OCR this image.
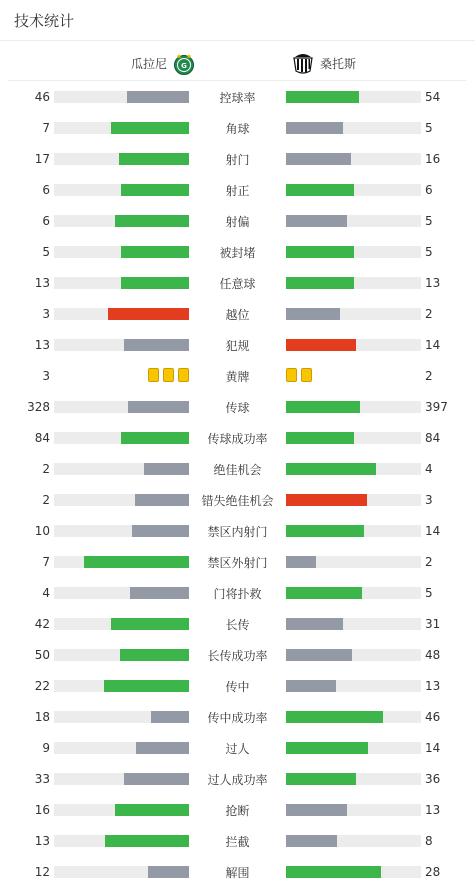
技术统计
瓜拉尼 G	桑托斯
46	控球率	54
7	角球	5
17	射门	16
6	射正	6
6	射偏	5
5	被封堵	5
13	任意球	13
3	越位	2
13	犯规	14
3	黄牌	2
328	传球	397
84	传球成功率	84
2	绝佳机会	4
2	错失绝佳机会	3
10	禁区内射门	14
7	禁区外射门	2
4	门将扑救	5
42	长传	31
50	长传成功率	48
22	传中	13
18	传中成功率	46
9	过人	14
33	过人成功率	36
16	抢断	13
13	拦截	8
12	解围	28
